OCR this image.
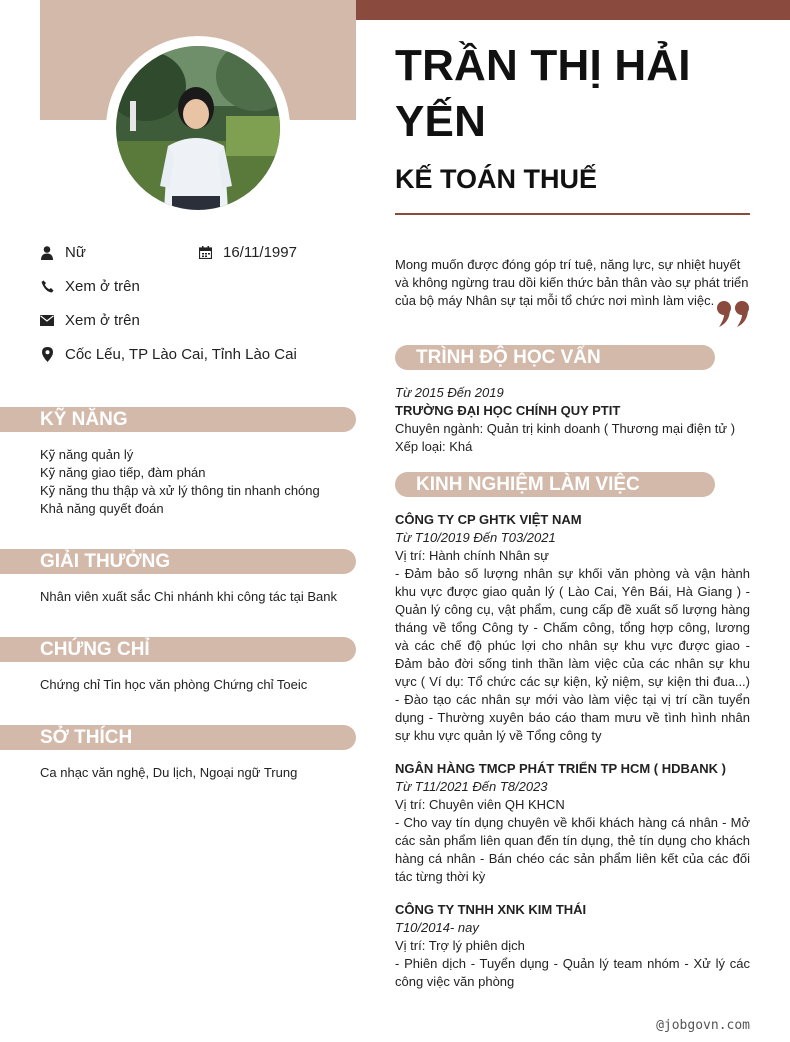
TRẦN THỊ HẢI YẾN
KẾ TOÁN THUẾ
Nữ	16/11/1997
Xem ở trên
Xem ở trên
Cốc Lếu, TP Lào Cai, Tỉnh Lào Cai
KỸ NĂNG
Kỹ năng quản lý
Kỹ năng giao tiếp, đàm phán
Kỹ năng thu thập và xử lý thông tin nhanh chóng
Khả năng quyết đoán
GIẢI THƯỞNG
Nhân viên xuất sắc Chi nhánh khi công tác tại Bank
CHỨNG CHỈ
Chứng chỉ Tin học văn phòng Chứng chỉ Toeic
SỞ THÍCH
Ca nhạc văn nghệ, Du lịch, Ngoại ngữ Trung
Mong muốn được đóng góp trí tuệ, năng lực, sự nhiệt huyết và không ngừng trau dồi kiến thức bản thân vào sự phát triển của bộ máy Nhân sự tại mỗi tổ chức nơi mình làm việc.
TRÌNH ĐỘ HỌC VẤN
Từ 2015 Đến 2019
TRƯỜNG ĐẠI HỌC CHÍNH QUY PTIT
Chuyên ngành: Quản trị kinh doanh ( Thương mại điện tử )
Xếp loại: Khá
KINH NGHIỆM LÀM VIỆC
CÔNG TY CP GHTK VIỆT NAM
Từ T10/2019 Đến T03/2021
Vị trí: Hành chính Nhân sự
- Đảm bảo số lượng nhân sự khối văn phòng và vận hành khu vực được giao quản lý ( Lào Cai, Yên Bái, Hà Giang ) - Quản lý công cụ, vật phẩm, cung cấp đề xuất số lượng hàng tháng về tổng Công ty - Chấm công, tổng hợp công, lương và các chế độ phúc lợi cho nhân sự khu vực được giao - Đảm bảo đời sống tinh thần làm việc của các nhân sự khu vực ( Ví dụ: Tổ chức các sự kiện, kỷ niệm, sự kiện thi đua...) - Đào tạo các nhân sự mới vào làm việc tại vị trí cần tuyển dụng - Thường xuyên báo cáo tham mưu về tình hình nhân sự khu vực quản lý về Tổng công ty
NGÂN HÀNG TMCP PHÁT TRIỂN TP HCM ( HDBANK )
Từ T11/2021 Đến T8/2023
Vị trí: Chuyên viên QH KHCN
- Cho vay tín dụng chuyên về khối khách hàng cá nhân - Mở các sản phẩm liên quan đến tín dụng, thẻ tín dụng cho khách hàng cá nhân - Bán chéo các sản phẩm liên kết của các đối tác từng thời kỳ
CÔNG TY TNHH XNK KIM THÁI
T10/2014- nay
Vị trí: Trợ lý phiên dịch
- Phiên dịch - Tuyển dụng - Quản lý team nhóm - Xử lý các công việc văn phòng
@jobgovn.com
